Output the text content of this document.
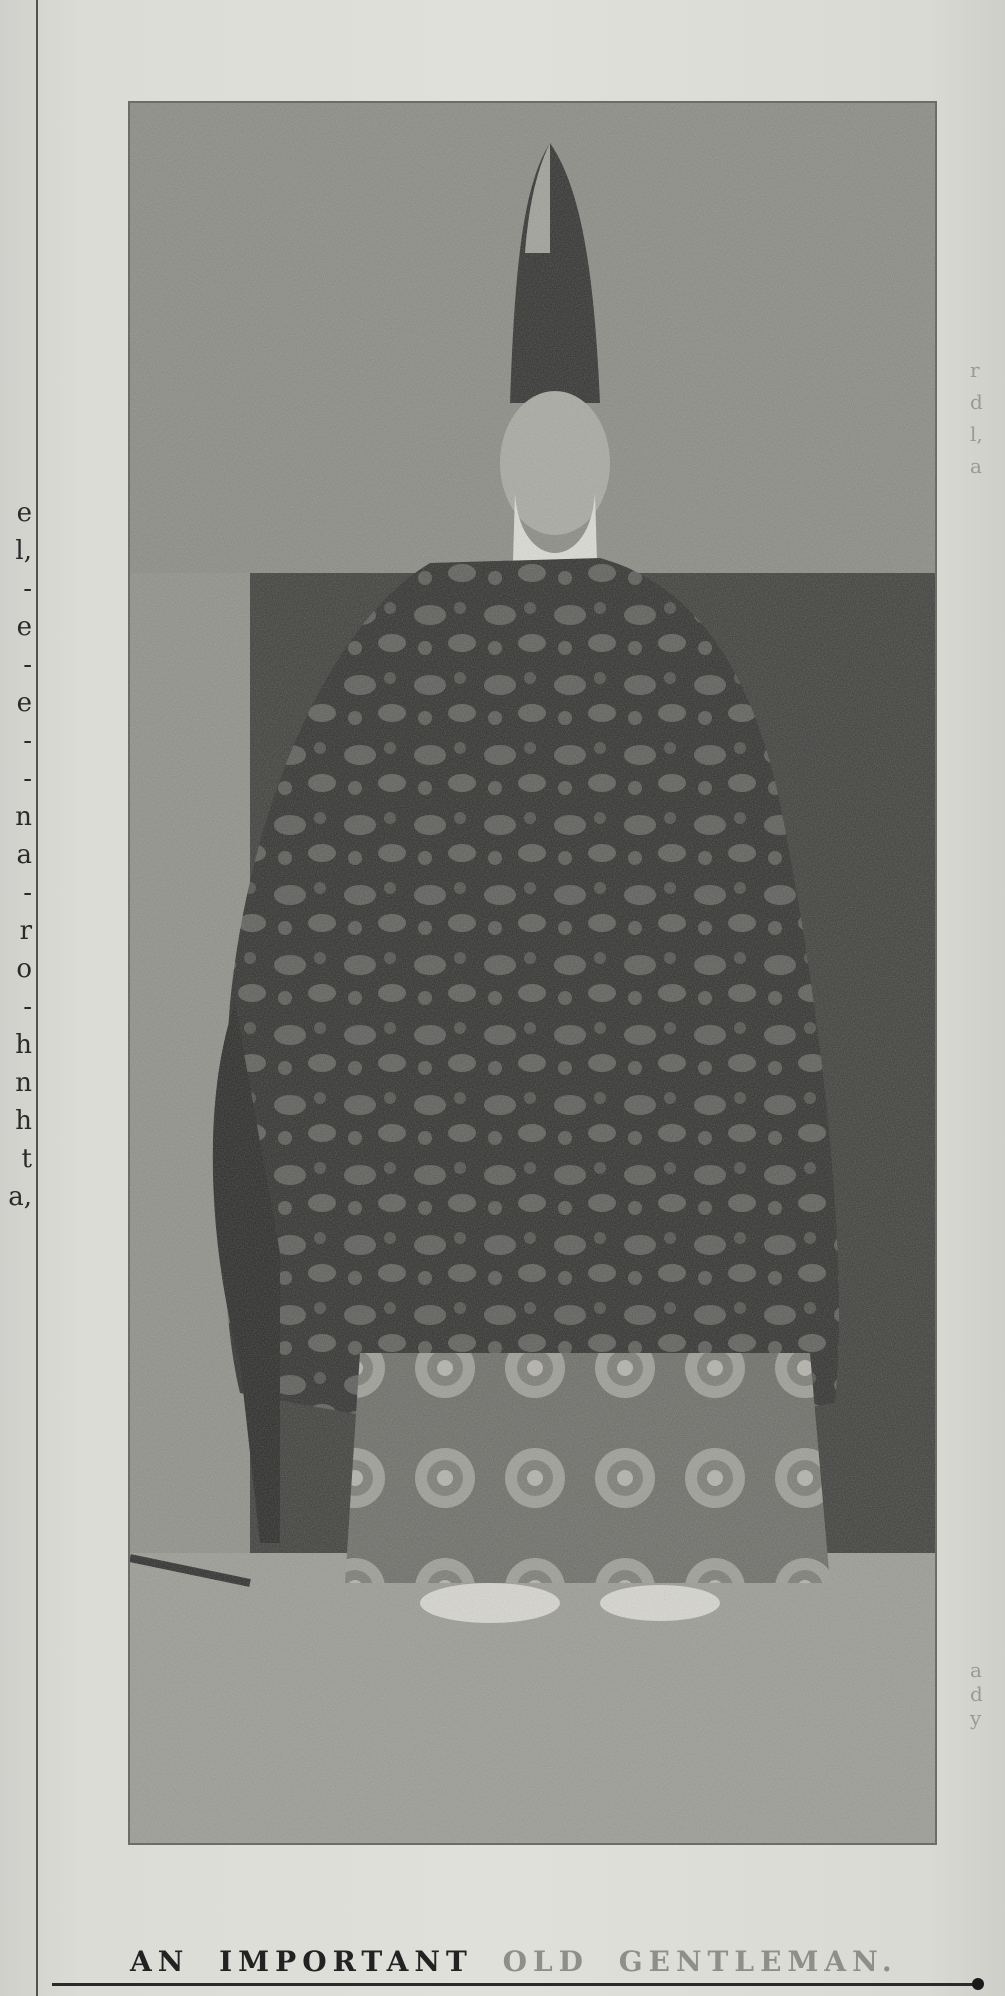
e
l,
-
e
-
e
-
-
n
a
-
r
o
-
h
n
h
t
a,
r
d
l,
a
a
d
y
AN IMPORTANT OLD GENTLEMAN.
